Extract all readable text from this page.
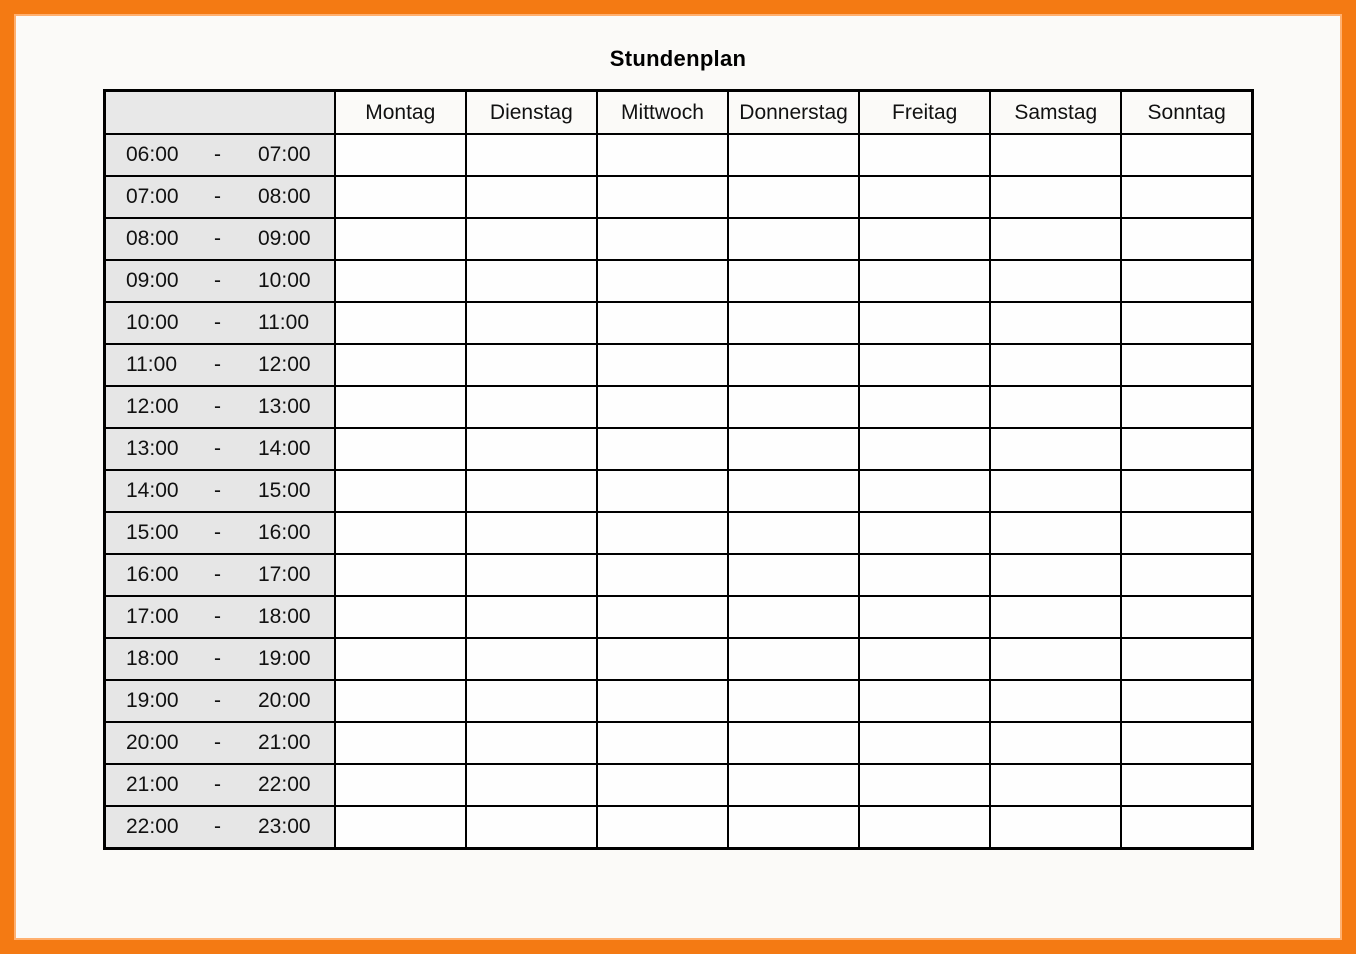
Stundenplan
	Montag	Dienstag	Mittwoch	Donnerstag	Freitag	Samstag	Sonntag

06:00 - 07:00							

07:00 - 08:00							

08:00 - 09:00							

09:00 - 10:00							

10:00 - 11:00							

11:00 - 12:00							

12:00 - 13:00							

13:00 - 14:00							

14:00 - 15:00							

15:00 - 16:00							

16:00 - 17:00							

17:00 - 18:00							

18:00 - 19:00							

19:00 - 20:00							

20:00 - 21:00							

21:00 - 22:00							

22:00 - 23:00							
